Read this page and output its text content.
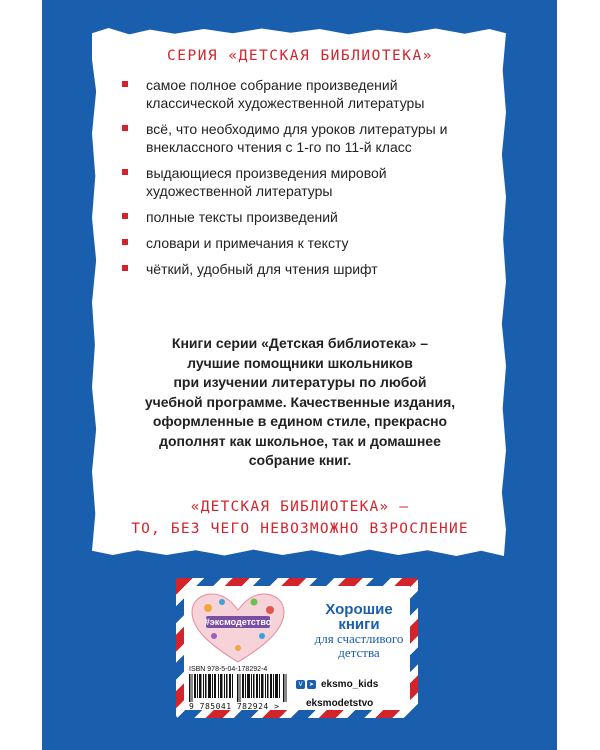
СЕРИЯ «ДЕТСКАЯ БИБЛИОТЕКА»
самое полное собрание произведений классической художественной литературы
всё, что необходимо для уроков литературы и внеклассного чтения с 1-го по 11-й класс
выдающиеся произведения мировой художественной литературы
полные тексты произведений
словари и примечания к тексту
чёткий, удобный для чтения шрифт
Книги серии «Детская библиотека» –
лучшие помощники школьников
при изучении литературы по любой
учебной программе. Качественные издания,
оформленные в едином стиле, прекрасно
дополнят как школьное, так и домашнее
собрание книг.
«ДЕТСКАЯ БИБЛИОТЕКА» –
ТО, БЕЗ ЧЕГО НЕВОЗМОЖНО ВЗРОСЛЕНИЕ
#эксмодетство
Хорошие
книги
для счастливого
детства
ISBN 978-5-04-178292-4
9 785041 782924 >
V	➤ eksmo_kids
eksmodetstvo
